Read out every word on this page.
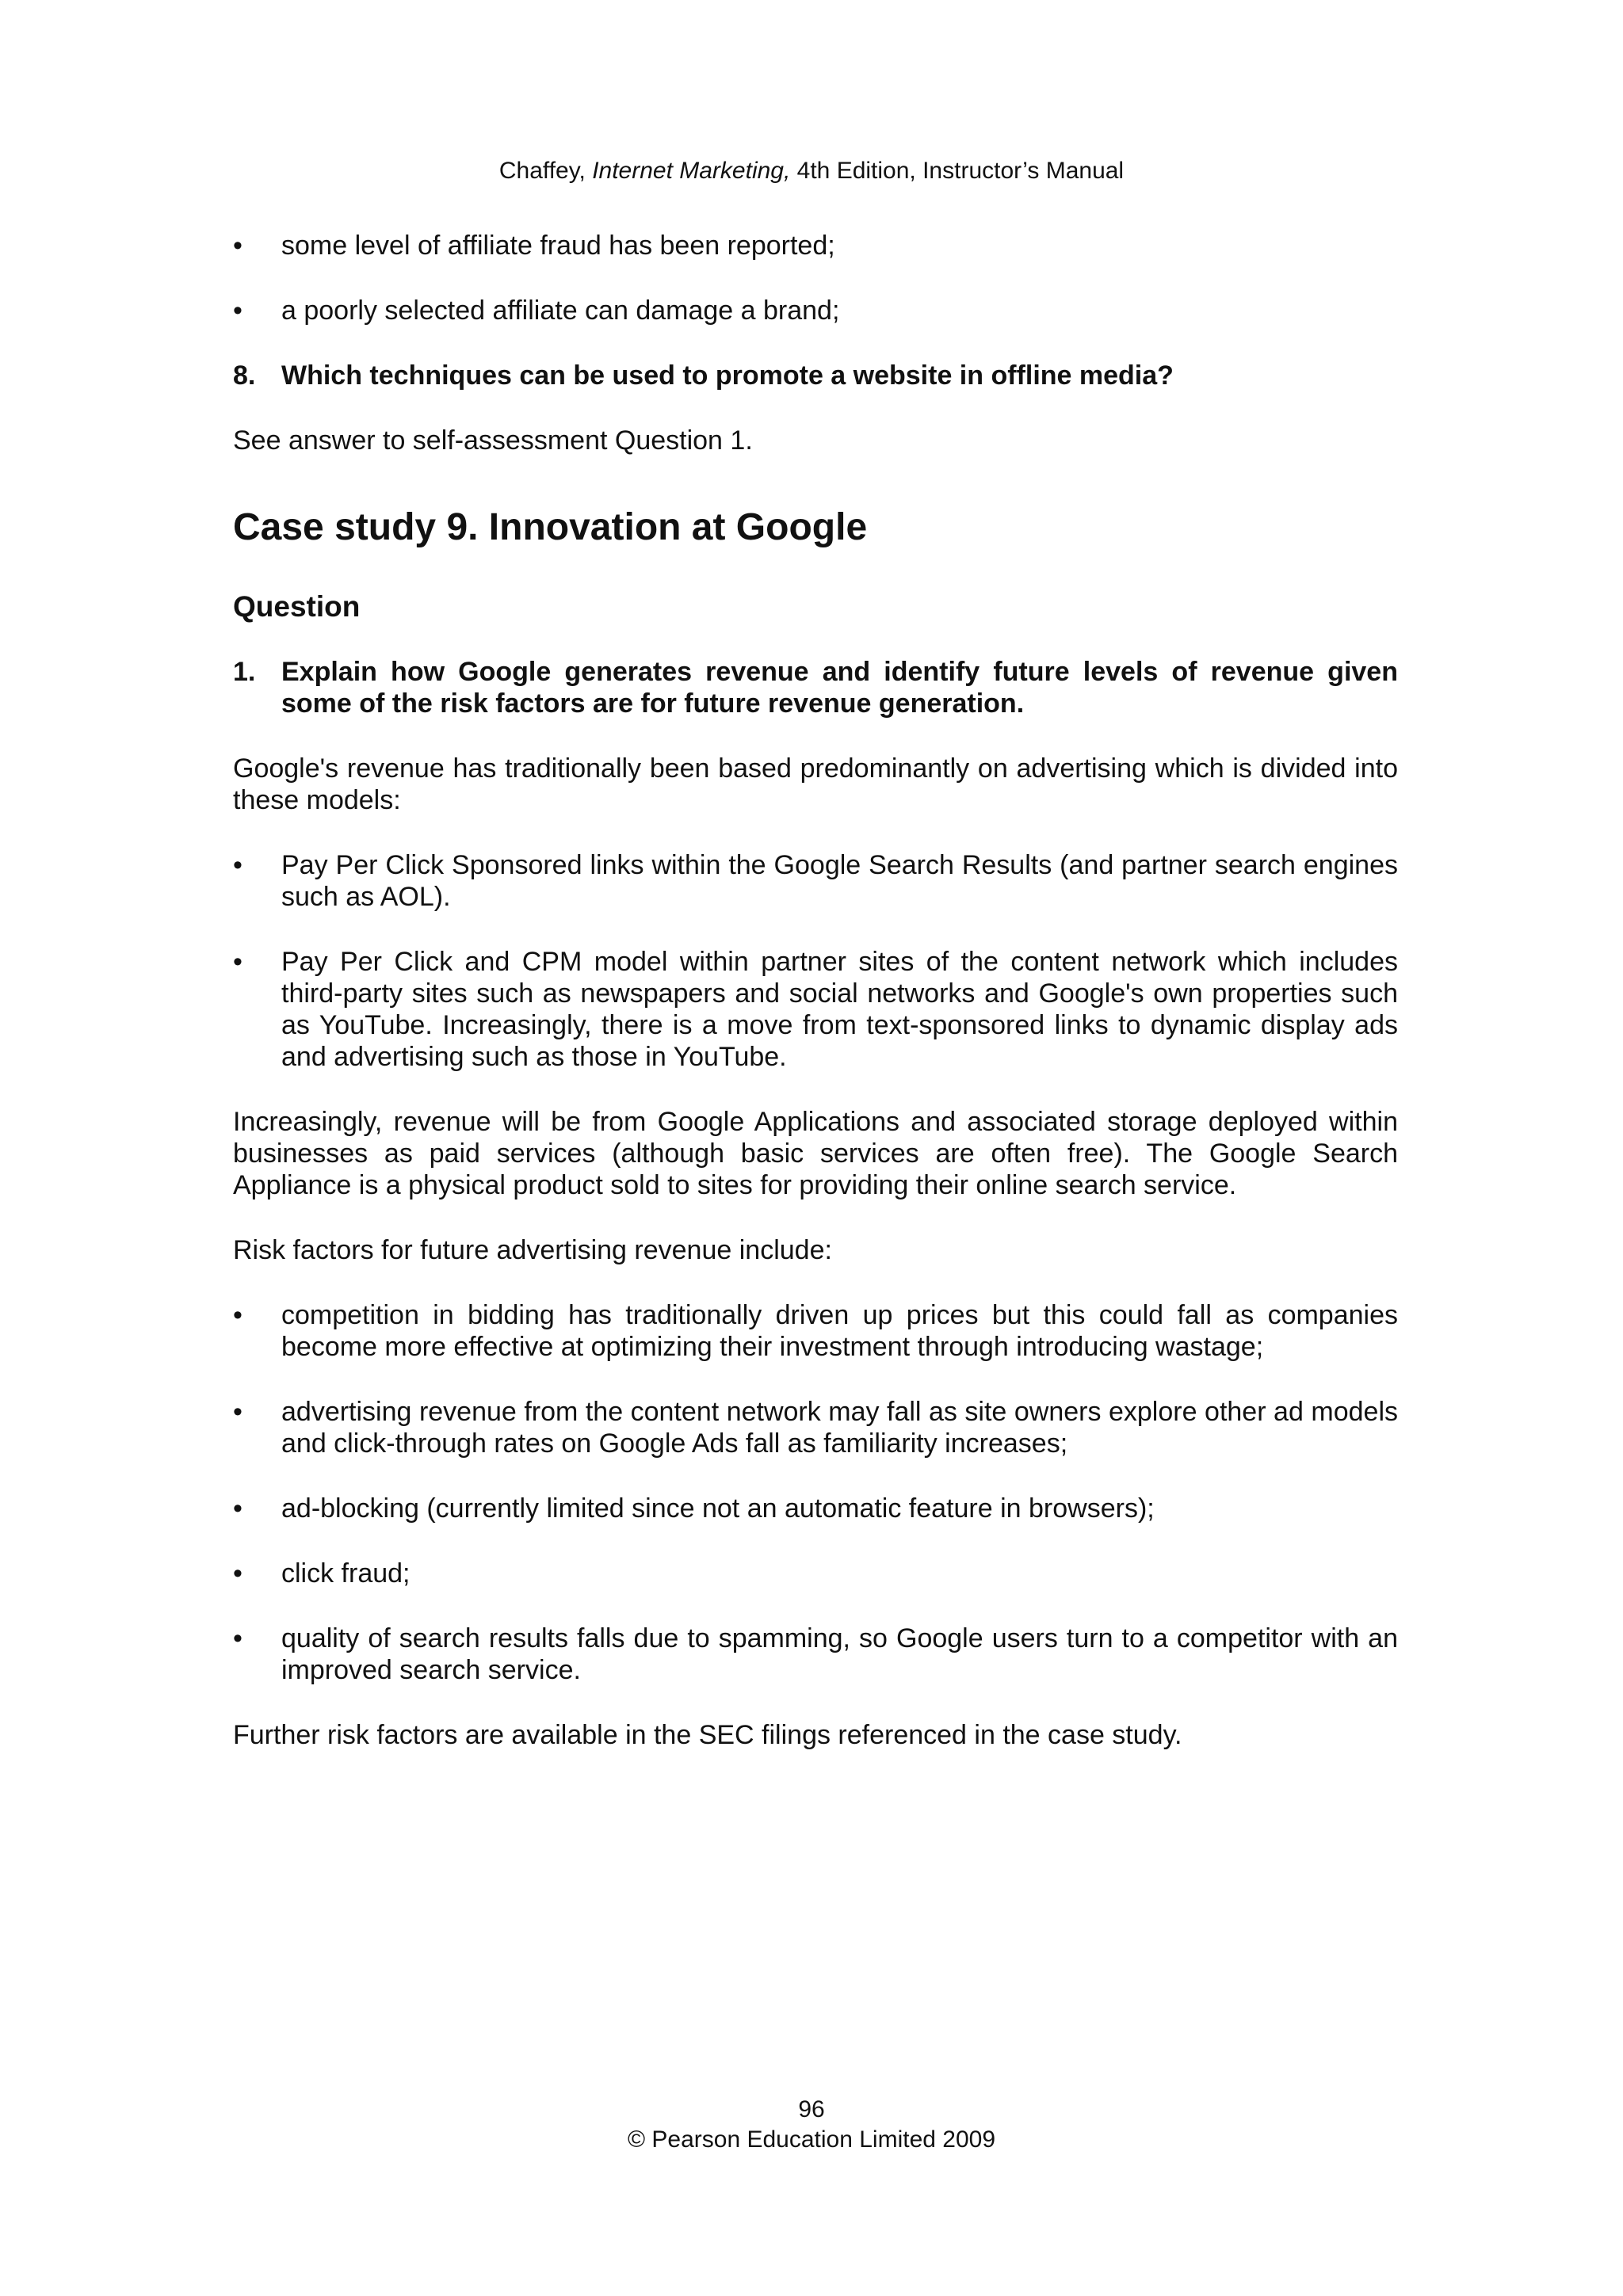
Chaffey, Internet Marketing, 4th Edition, Instructor’s Manual
• some level of affiliate fraud has been reported;

• a poorly selected affiliate can damage a brand;

8. Which techniques can be used to promote a website in offline media?

See answer to self-assessment Question 1.

Case study 9. Innovation at Google
Question
1. Explain how Google generates revenue and identify future levels of revenue given some of the risk factors are for future revenue generation.

Google's revenue has traditionally been based predominantly on advertising which is divided into these models:

• Pay Per Click Sponsored links within the Google Search Results (and partner search engines such as AOL).

• Pay Per Click and CPM model within partner sites of the content network which includes third-party sites such as newspapers and social networks and Google's own properties such as YouTube. Increasingly, there is a move from text-sponsored links to dynamic display ads and advertising such as those in YouTube.

Increasingly, revenue will be from Google Applications and associated storage deployed within businesses as paid services (although basic services are often free). The Google Search Appliance is a physical product sold to sites for providing their online search service.

Risk factors for future advertising revenue include:

• competition in bidding has traditionally driven up prices but this could fall as companies become more effective at optimizing their investment through introducing wastage;

• advertising revenue from the content network may fall as site owners explore other ad models and click-through rates on Google Ads fall as familiarity increases;

• ad-blocking (currently limited since not an automatic feature in browsers);

• click fraud;

• quality of search results falls due to spamming, so Google users turn to a competitor with an improved search service.

Further risk factors are available in the SEC filings referenced in the case study.

96
© Pearson Education Limited 2009
